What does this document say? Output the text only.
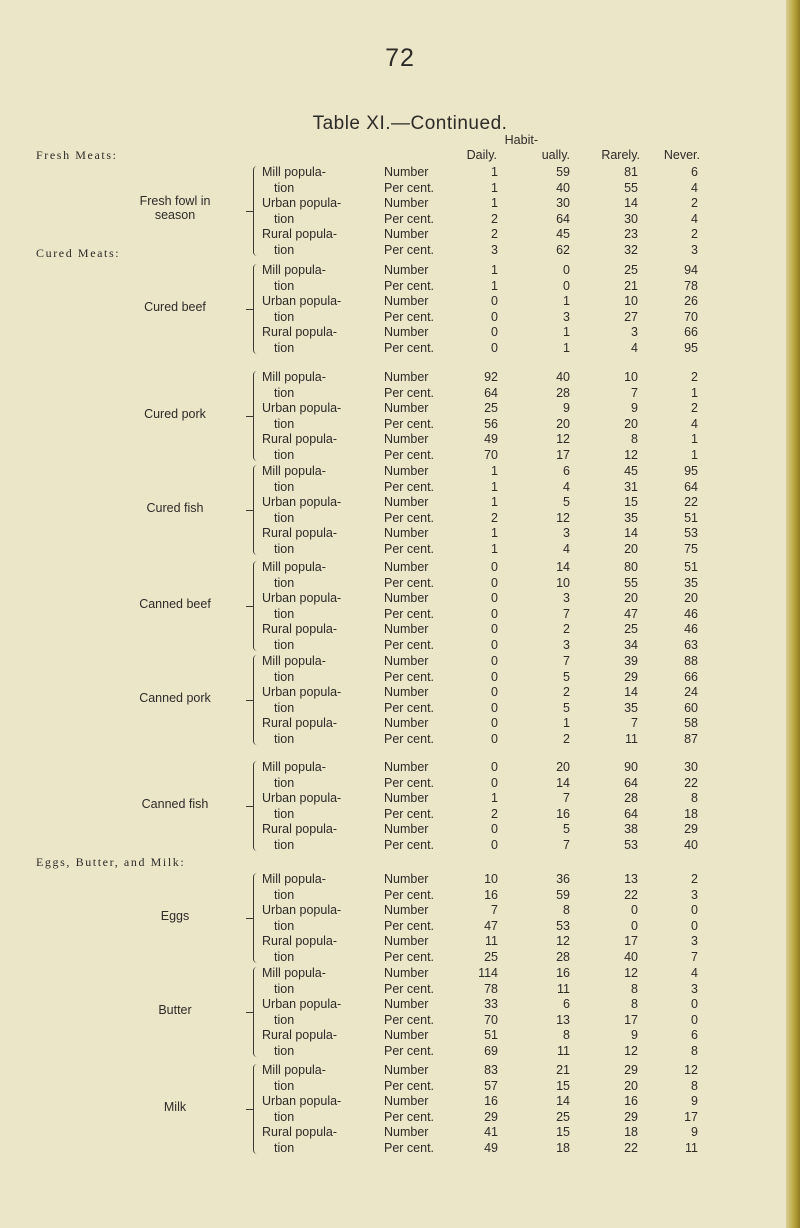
72
Table XI.—Continued.
Habit-
Daily.	ually.	Rarely.	Never.
Fresh Meats:
Fresh fowl in
season
Mill popula-	Number	1	59	81	6
tion	Per cent.	1	40	55	4
Urban popula-	Number	1	30	14	2
tion	Per cent.	2	64	30	4
Rural popula-	Number	2	45	23	2
tion	Per cent.	3	62	32	3
Cured Meats:
Cured beef
Mill popula-	Number	1	0	25	94
tion	Per cent.	1	0	21	78
Urban popula-	Number	0	1	10	26
tion	Per cent.	0	3	27	70
Rural popula-	Number	0	1	3	66
tion	Per cent.	0	1	4	95
Cured pork
Mill popula-	Number	92	40	10	2
tion	Per cent.	64	28	7	1
Urban popula-	Number	25	9	9	2
tion	Per cent.	56	20	20	4
Rural popula-	Number	49	12	8	1
tion	Per cent.	70	17	12	1
Cured fish
Mill popula-	Number	1	6	45	95
tion	Per cent.	1	4	31	64
Urban popula-	Number	1	5	15	22
tion	Per cent.	2	12	35	51
Rural popula-	Number	1	3	14	53
tion	Per cent.	1	4	20	75
Canned beef
Mill popula-	Number	0	14	80	51
tion	Per cent.	0	10	55	35
Urban popula-	Number	0	3	20	20
tion	Per cent.	0	7	47	46
Rural popula-	Number	0	2	25	46
tion	Per cent.	0	3	34	63
Canned pork
Mill popula-	Number	0	7	39	88
tion	Per cent.	0	5	29	66
Urban popula-	Number	0	2	14	24
tion	Per cent.	0	5	35	60
Rural popula-	Number	0	1	7	58
tion	Per cent.	0	2	11	87
Canned fish
Mill popula-	Number	0	20	90	30
tion	Per cent.	0	14	64	22
Urban popula-	Number	1	7	28	8
tion	Per cent.	2	16	64	18
Rural popula-	Number	0	5	38	29
tion	Per cent.	0	7	53	40
Eggs, Butter, and Milk:
Eggs
Mill popula-	Number	10	36	13	2
tion	Per cent.	16	59	22	3
Urban popula-	Number	7	8	0	0
tion	Per cent.	47	53	0	0
Rural popula-	Number	11	12	17	3
tion	Per cent.	25	28	40	7
Butter
Mill popula-	Number	114	16	12	4
tion	Per cent.	78	11	8	3
Urban popula-	Number	33	6	8	0
tion	Per cent.	70	13	17	0
Rural popula-	Number	51	8	9	6
tion	Per cent.	69	11	12	8
Milk
Mill popula-	Number	83	21	29	12
tion	Per cent.	57	15	20	8
Urban popula-	Number	16	14	16	9
tion	Per cent.	29	25	29	17
Rural popula-	Number	41	15	18	9
tion	Per cent.	49	18	22	11
